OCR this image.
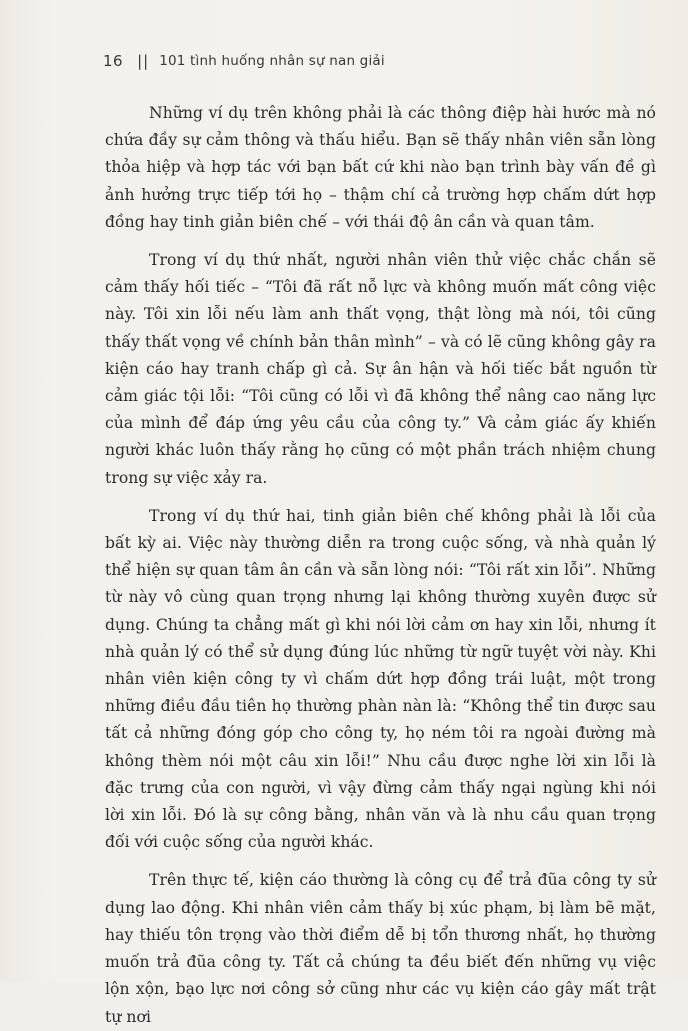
16 || 101 tình huống nhân sự nan giải

Những ví dụ trên không phải là các thông điệp hài hước mà nó chứa đầy sự cảm thông và thấu hiểu. Bạn sẽ thấy nhân viên sẵn lòng thỏa hiệp và hợp tác với bạn bất cứ khi nào bạn trình bày vấn đề gì ảnh hưởng trực tiếp tới họ – thậm chí cả trường hợp chấm dứt hợp đồng hay tinh giản biên chế – với thái độ ân cần và quan tâm.

Trong ví dụ thứ nhất, người nhân viên thử việc chắc chắn sẽ cảm thấy hối tiếc – “Tôi đã rất nỗ lực và không muốn mất công việc này. Tôi xin lỗi nếu làm anh thất vọng, thật lòng mà nói, tôi cũng thấy thất vọng về chính bản thân mình” – và có lẽ cũng không gây ra kiện cáo hay tranh chấp gì cả. Sự ân hận và hối tiếc bắt nguồn từ cảm giác tội lỗi: “Tôi cũng có lỗi vì đã không thể nâng cao năng lực của mình để đáp ứng yêu cầu của công ty.” Và cảm giác ấy khiến người khác luôn thấy rằng họ cũng có một phần trách nhiệm chung trong sự việc xảy ra.

Trong ví dụ thứ hai, tinh giản biên chế không phải là lỗi của bất kỳ ai. Việc này thường diễn ra trong cuộc sống, và nhà quản lý thể hiện sự quan tâm ân cần và sẵn lòng nói: “Tôi rất xin lỗi”. Những từ này vô cùng quan trọng nhưng lại không thường xuyên được sử dụng. Chúng ta chẳng mất gì khi nói lời cảm ơn hay xin lỗi, nhưng ít nhà quản lý có thể sử dụng đúng lúc những từ ngữ tuyệt vời này. Khi nhân viên kiện công ty vì chấm dứt hợp đồng trái luật, một trong những điều đầu tiên họ thường phàn nàn là: “Không thể tin được sau tất cả những đóng góp cho công ty, họ ném tôi ra ngoài đường mà không thèm nói một câu xin lỗi!” Nhu cầu được nghe lời xin lỗi là đặc trưng của con người, vì vậy đừng cảm thấy ngại ngùng khi nói lời xin lỗi. Đó là sự công bằng, nhân văn và là nhu cầu quan trọng đối với cuộc sống của người khác.

Trên thực tế, kiện cáo thường là công cụ để trả đũa công ty sử dụng lao động. Khi nhân viên cảm thấy bị xúc phạm, bị làm bẽ mặt, hay thiếu tôn trọng vào thời điểm dễ bị tổn thương nhất, họ thường muốn trả đũa công ty. Tất cả chúng ta đều biết đến những vụ việc lộn xộn, bạo lực nơi công sở cũng như các vụ kiện cáo gây mất trật tự nơi
